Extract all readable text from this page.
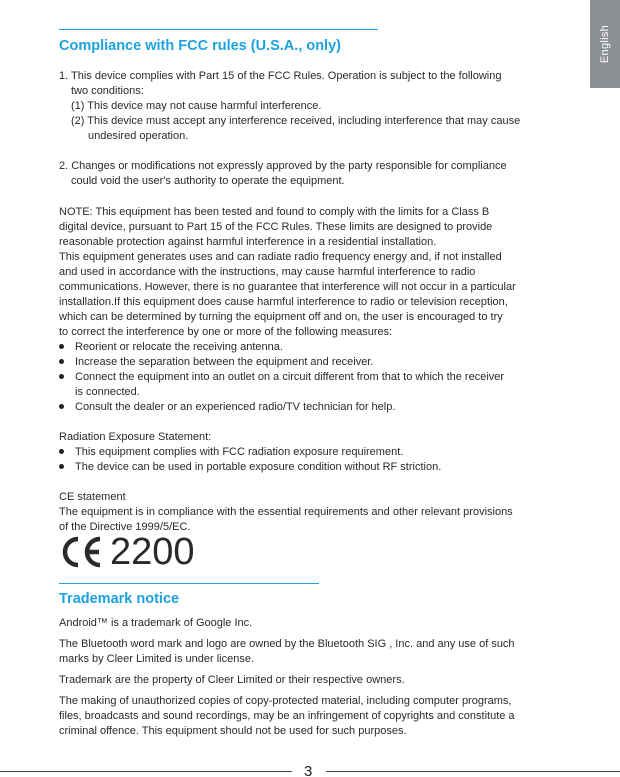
English
Compliance with FCC rules (U.S.A., only)
1. This device complies with Part 15 of the FCC Rules. Operation is subject to the following
two conditions:
(1) This device may not cause harmful interference.
(2) This device must accept any interference received, including interference that may cause
undesired operation.
2. Changes or modifications not expressly approved by the party responsible for compliance
could void the user's authority to operate the equipment.
NOTE: This equipment has been tested and found to comply with the limits for a Class B
digital device, pursuant to Part 15 of the FCC Rules. These limits are designed to provide
reasonable protection against harmful interference in a residential installation.
This equipment generates uses and can radiate radio frequency energy and, if not installed
and used in accordance with the instructions, may cause harmful interference to radio
communications. However, there is no guarantee that interference will not occur in a particular
installation.If this equipment does cause harmful interference to radio or television reception,
which can be determined by turning the equipment off and on, the user is encouraged to try
to correct the interference by one or more of the following measures:
Reorient or relocate the receiving antenna.
Increase the separation between the equipment and receiver.
Connect the equipment into an outlet on a circuit different from that to which the receiver
is connected.
Consult the dealer or an experienced radio/TV technician for help.
Radiation Exposure Statement:
This equipment complies with FCC radiation exposure requirement.
The device can be used in portable exposure condition without RF striction.
CE statement
The equipment is in compliance with the essential requirements and other relevant provisions
of the Directive 1999/5/EC.
2200
Trademark notice
Android™ is a trademark of Google Inc.
The Bluetooth word mark and logo are owned by the Bluetooth SIG , Inc. and any use of such
marks by Cleer Limited is under license.
Trademark are the property of Cleer Limited or their respective owners.
The making of unauthorized copies of copy-protected material, including computer programs,
files, broadcasts and sound recordings, may be an infringement of copyrights and constitute a
criminal offence. This equipment should not be used for such purposes.
3
